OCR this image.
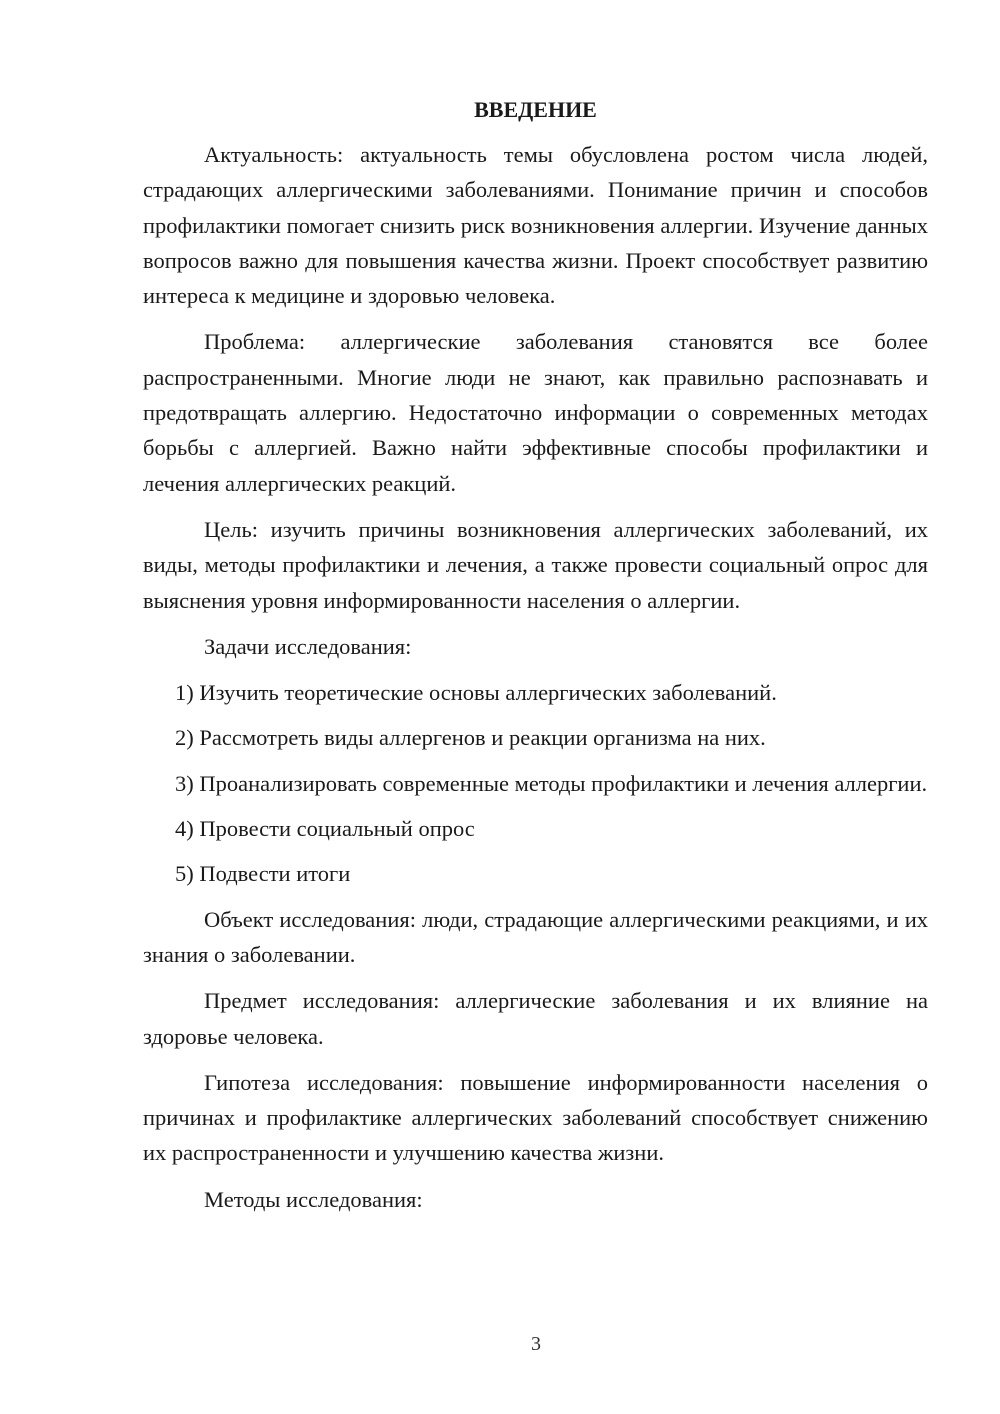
ВВЕДЕНИЕ

Актуальность: актуальность темы обусловлена ростом числа людей, страдающих аллергическими заболеваниями. Понимание причин и способов профилактики помогает снизить риск возникновения аллергии. Изучение данных вопросов важно для повышения качества жизни. Проект способствует развитию интереса к медицине и здоровью человека.

Проблема: аллергические заболевания становятся все более распространенными. Многие люди не знают, как правильно распознавать и предотвращать аллергию. Недостаточно информации о современных методах борьбы с аллергией. Важно найти эффективные способы профилактики и лечения аллергических реакций.

Цель: изучить причины возникновения аллергических заболеваний, их виды, методы профилактики и лечения, а также провести социальный опрос для выяснения уровня информированности населения о аллергии.

Задачи исследования:

1) Изучить теоретические основы аллергических заболеваний.

2) Рассмотреть виды аллергенов и реакции организма на них.

3) Проанализировать современные методы профилактики и лечения аллергии.

4) Провести социальный опрос

5) Подвести итоги

Объект исследования: люди, страдающие аллергическими реакциями, и их знания о заболевании.

Предмет исследования: аллергические заболевания и их влияние на здоровье человека.

Гипотеза исследования: повышение информированности населения о причинах и профилактике аллергических заболеваний способствует снижению их распространенности и улучшению качества жизни.

Методы исследования:

3
